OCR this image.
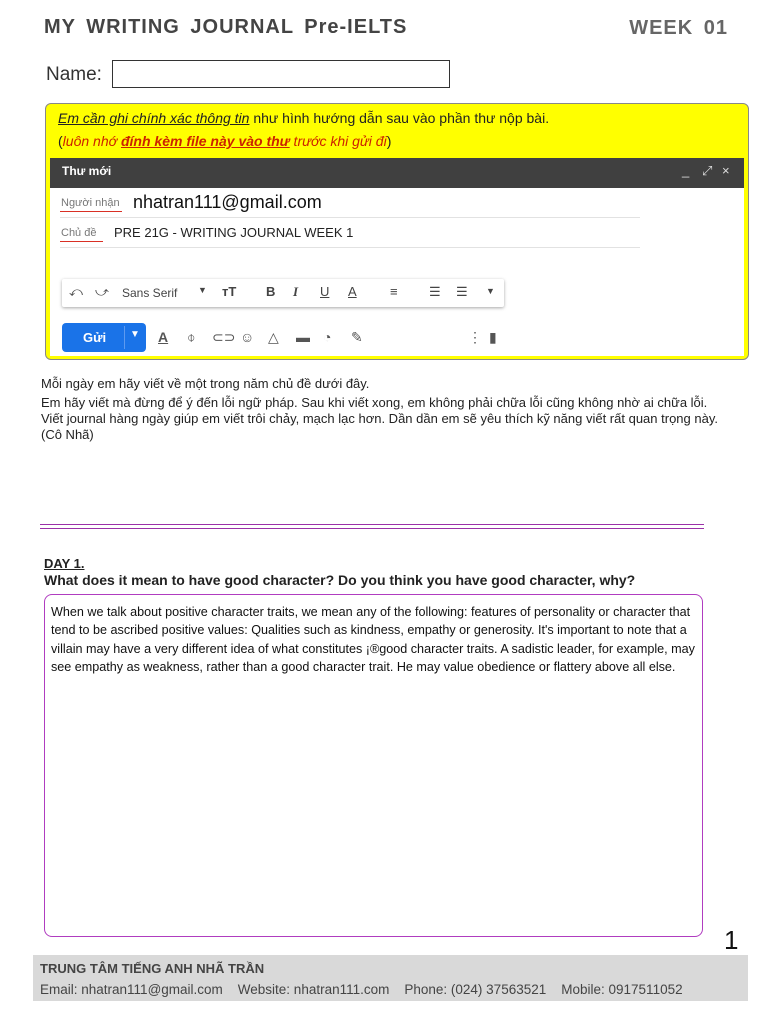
MY WRITING JOURNAL Pre-IELTS	WEEK 01
Name:
Em cần ghi chính xác thông tin như hình hướng dẫn sau vào phần thư nộp bài.
(luôn nhớ đính kèm file này vào thư trước khi gửi đi)
Thư mới	_ ⤢ ×
Người nhận nhatran111@gmail.com
Chủ đề PRE 21G - WRITING JOURNAL WEEK 1
⤺ ⤻ Sans Serif ▼ ᴛT B I U A	≡ ☰ ☰ ▼
Gửi ▼ A ⌽ ⊂⊃ ☺ △ ▬ ◔ ✎	⋮ ▮
Mỗi ngày em hãy viết về một trong năm chủ đề dưới đây.
Em hãy viết mà đừng để ý đến lỗi ngữ pháp. Sau khi viết xong, em không phải chữa lỗi cũng không nhờ ai chữa lỗi. Viết journal hàng ngày giúp em viết trôi chảy, mạch lạc hơn. Dần dần em sẽ yêu thích kỹ năng viết rất quan trọng này. (Cô Nhã)
DAY 1.
What does it mean to have good character? Do you think you have good character, why?
When we talk about positive character traits, we mean any of the following: features of personality or character that tend to be ascribed positive values: Qualities such as kindness, empathy or generosity. It's important to note that a villain may have a very different idea of what constitutes ¡®good character traits. A sadistic leader, for example, may see empathy as weakness, rather than a good character trait. He may value obedience or flattery above all else.
1
TRUNG TÂM TIẾNG ANH NHÃ TRẦN
Email: nhatran111@gmail.com    Website: nhatran111.com    Phone: (024) 37563521    Mobile: 0917511052
